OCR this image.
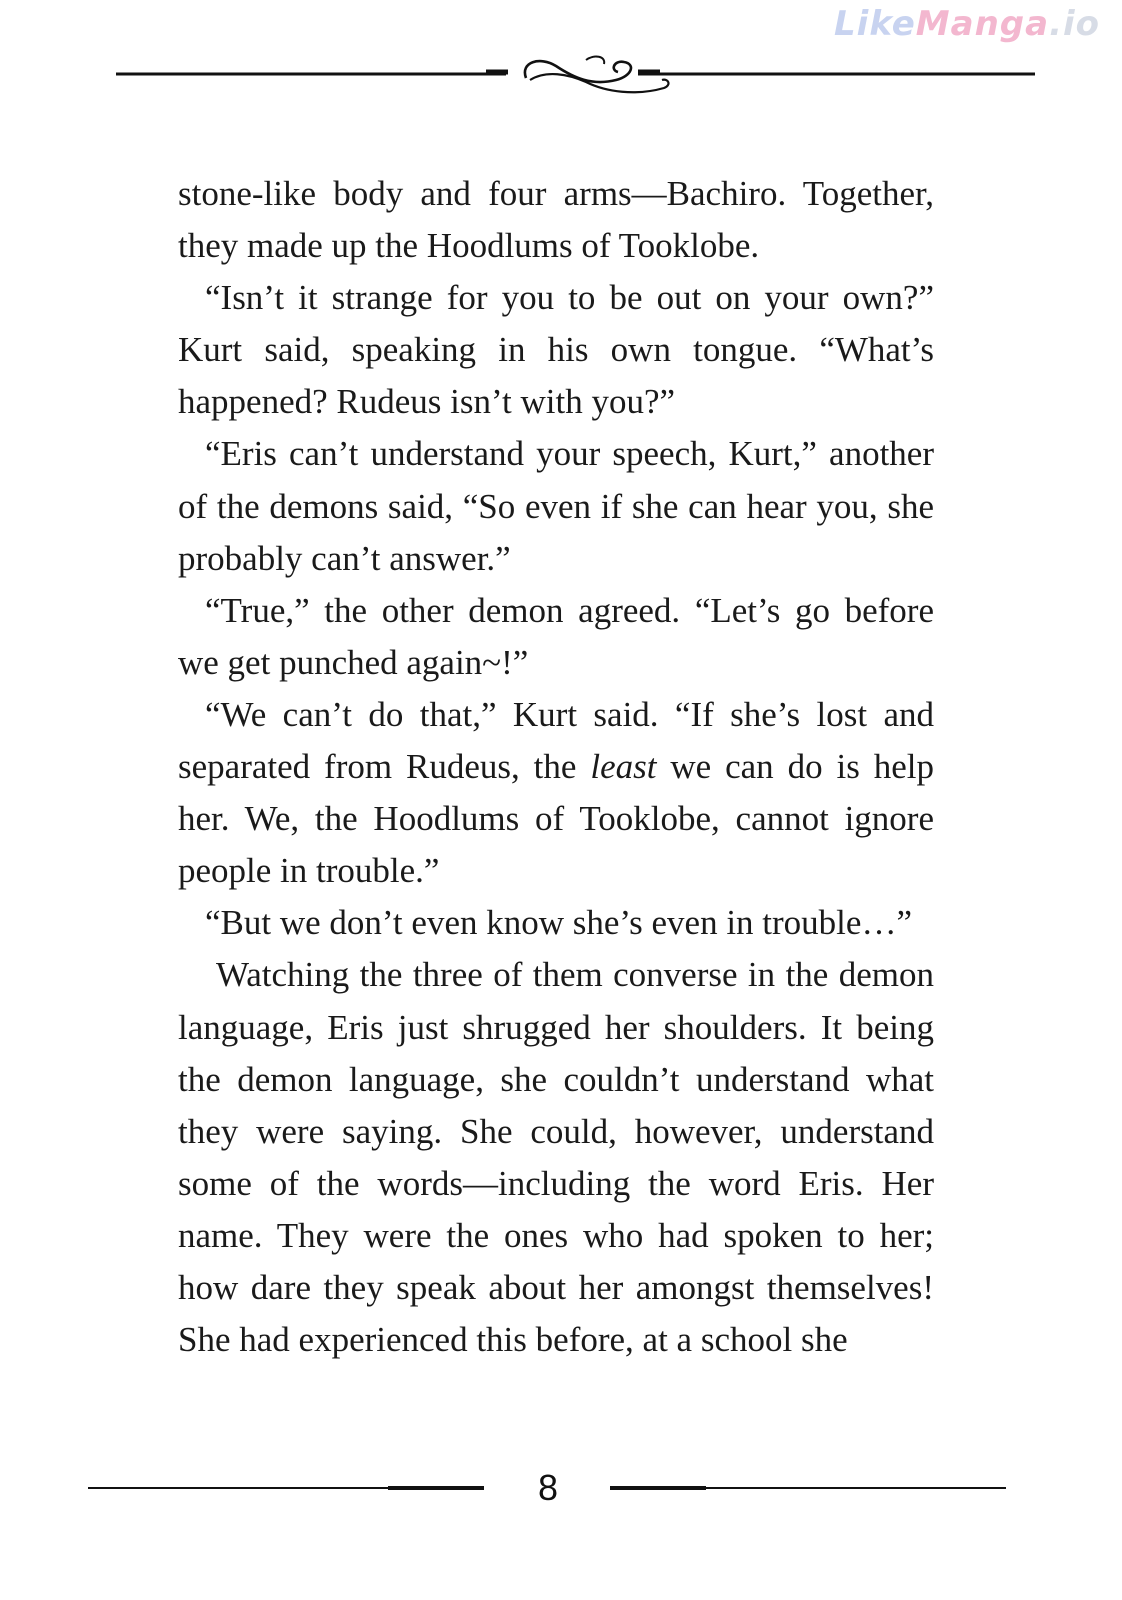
LikeManga.io

stone-like body and four arms—Bachiro. Together, they made up the Hoodlums of Tooklobe.

“Isn’t it strange for you to be out on your own?” Kurt said, speaking in his own tongue. “What’s happened? Rudeus isn’t with you?”

“Eris can’t understand your speech, Kurt,” another of the demons said, “So even if she can hear you, she probably can’t answer.”

“True,” the other demon agreed. “Let’s go before we get punched again~!”

“We can’t do that,” Kurt said. “If she’s lost and separated from Rudeus, the least we can do is help her. We, the Hoodlums of Tooklobe, cannot ignore people in trouble.”

“But we don’t even know she’s even in trouble…”

Watching the three of them converse in the demon language, Eris just shrugged her shoulders. It being the demon language, she couldn’t understand what they were saying. She could, however, understand some of the words—including the word Eris. Her name. They were the ones who had spoken to her; how dare they speak about her amongst themselves! She had experienced this before, at a school she

8
